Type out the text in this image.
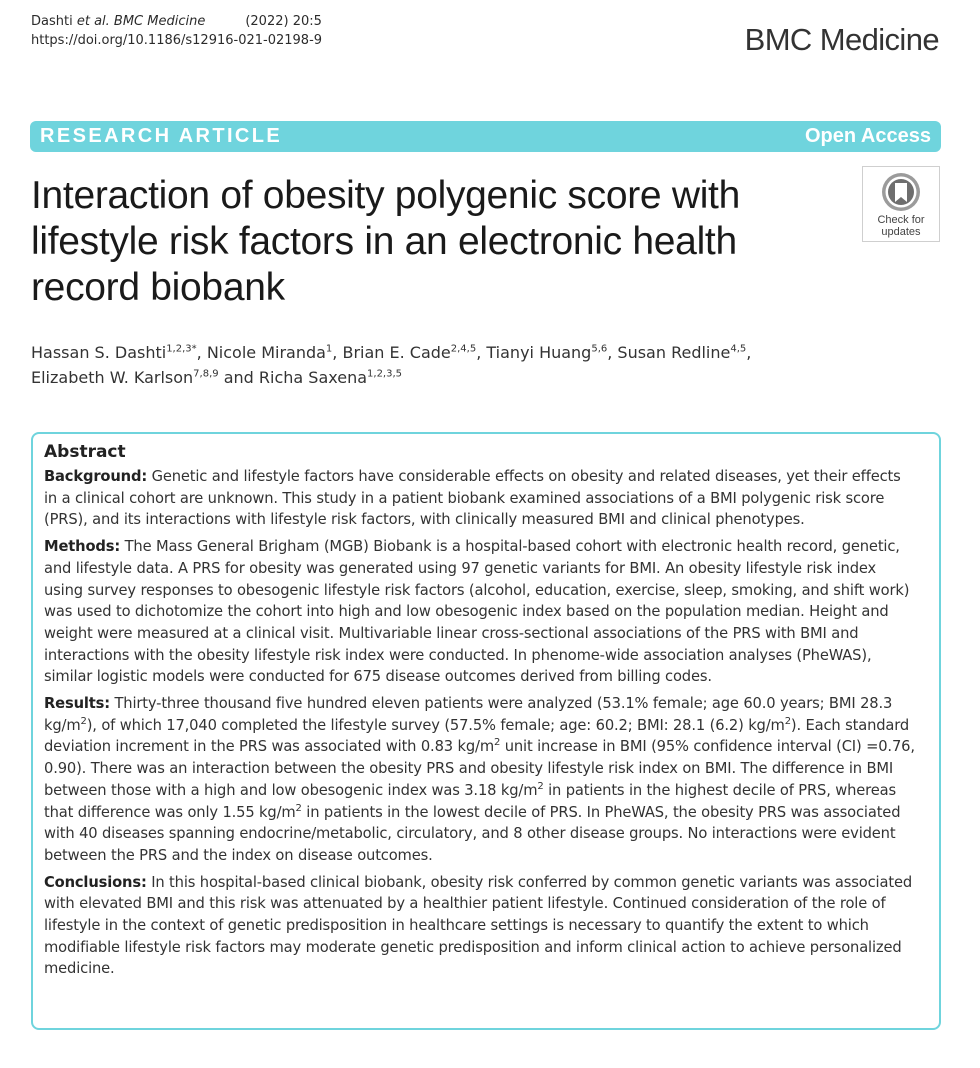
Dashti et al. BMC Medicine	(2022) 20:5
https://doi.org/10.1186/s12916-021-02198-9	BMC Medicine
RESEARCH ARTICLE	Open Access
Interaction of obesity polygenic score with lifestyle risk factors in an electronic health record biobank
Check for
updates
Hassan S. Dashti$^{1,2,3*}$, Nicole Miranda$^1$, Brian E. Cade$^{2,4,5}$, Tianyi Huang$^{5,6}$, Susan Redline$^{4,5}$,
Elizabeth W. Karlson$^{7,8,9}$ and Richa Saxena$^{1,2,3,5}$
Abstract

Background: Genetic and lifestyle factors have considerable effects on obesity and related diseases, yet their effects in a clinical cohort are unknown. This study in a patient biobank examined associations of a BMI polygenic risk score (PRS), and its interactions with lifestyle risk factors, with clinically measured BMI and clinical phenotypes.

Methods: The Mass General Brigham (MGB) Biobank is a hospital-based cohort with electronic health record, genetic, and lifestyle data. A PRS for obesity was generated using 97 genetic variants for BMI. An obesity lifestyle risk index using survey responses to obesogenic lifestyle risk factors (alcohol, education, exercise, sleep, smoking, and shift work) was used to dichotomize the cohort into high and low obesogenic index based on the population median. Height and weight were measured at a clinical visit. Multivariable linear cross-sectional associations of the PRS with BMI and interactions with the obesity lifestyle risk index were conducted. In phenome-wide association analyses (PheWAS), similar logistic models were conducted for 675 disease outcomes derived from billing codes.

Results: Thirty-three thousand five hundred eleven patients were analyzed (53.1% female; age 60.0 years; BMI 28.3 $kg/m^2$), of which 17,040 completed the lifestyle survey (57.5% female; age: 60.2; BMI: 28.1 (6.2) $kg/m^2$). Each standard deviation increment in the PRS was associated with 0.83 $kg/m^2$ unit increase in BMI (95% confidence interval (CI) =0.76, 0.90). There was an interaction between the obesity PRS and obesity lifestyle risk index on BMI. The difference in BMI between those with a high and low obesogenic index was 3.18 $kg/m^2$ in patients in the highest decile of PRS, whereas that difference was only 1.55 $kg/m^2$ in patients in the lowest decile of PRS. In PheWAS, the obesity PRS was associated with 40 diseases spanning endocrine/metabolic, circulatory, and 8 other disease groups. No interactions were evident between the PRS and the index on disease outcomes.

Conclusions: In this hospital-based clinical biobank, obesity risk conferred by common genetic variants was associated with elevated BMI and this risk was attenuated by a healthier patient lifestyle. Continued consideration of the role of lifestyle in the context of genetic predisposition in healthcare settings is necessary to quantify the extent to which modifiable lifestyle risk factors may moderate genetic predisposition and inform clinical action to achieve personalized medicine.
